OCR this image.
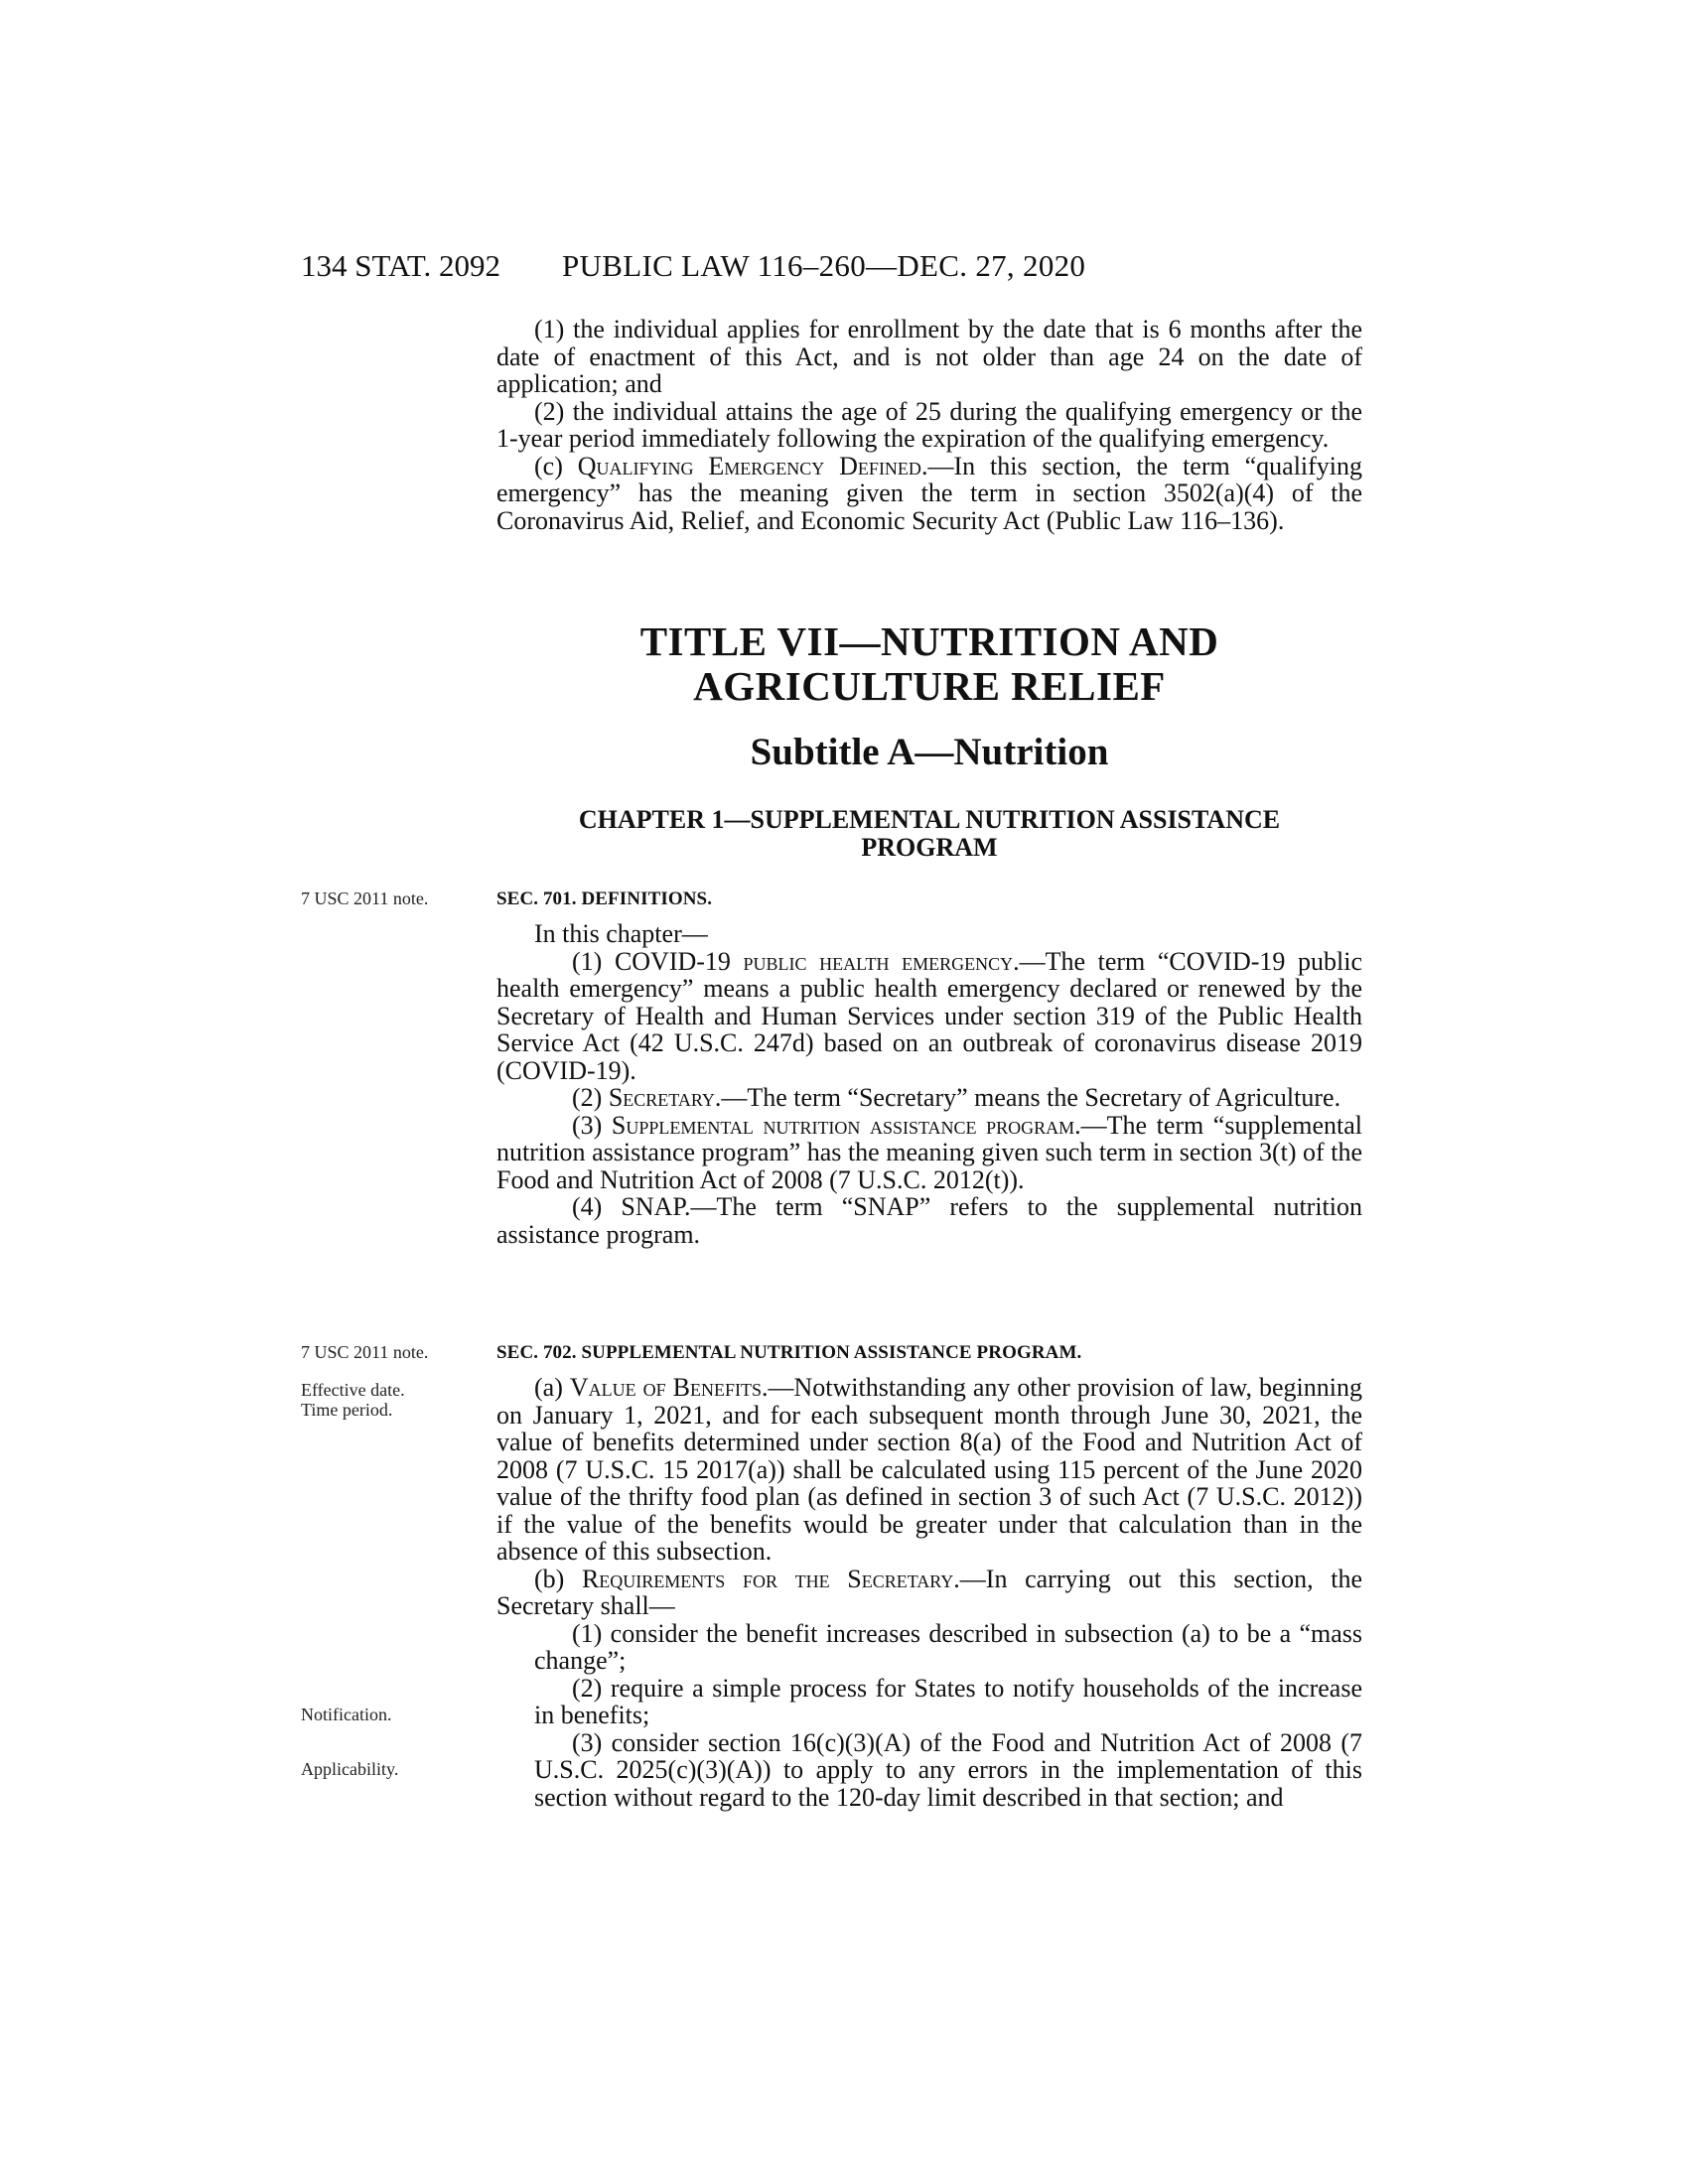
134 STAT. 2092 PUBLIC LAW 116–260—DEC. 27, 2020

(1) the individual applies for enrollment by the date that is 6 months after the date of enactment of this Act, and is not older than age 24 on the date of application; and

(2) the individual attains the age of 25 during the qualifying emergency or the 1-year period immediately following the expiration of the qualifying emergency.

(c) Qualifying Emergency Defined.—In this section, the term “qualifying emergency” has the meaning given the term in section 3502(a)(4) of the Coronavirus Aid, Relief, and Economic Security Act (Public Law 116–136).

TITLE VII—NUTRITION AND
AGRICULTURE RELIEF
Subtitle A—Nutrition
CHAPTER 1—SUPPLEMENTAL NUTRITION ASSISTANCE
PROGRAM
7 USC 2011 note.	SEC. 701. DEFINITIONS.

In this chapter—

(1) COVID-19 public health emergency.—The term “COVID-19 public health emergency” means a public health emergency declared or renewed by the Secretary of Health and Human Services under section 319 of the Public Health Service Act (42 U.S.C. 247d) based on an outbreak of coronavirus disease 2019 (COVID-19).

(2) Secretary.—The term “Secretary” means the Secretary of Agriculture.

(3) Supplemental nutrition assistance program.—The term “supplemental nutrition assistance program” has the meaning given such term in section 3(t) of the Food and Nutrition Act of 2008 (7 U.S.C. 2012(t)).

(4) SNAP.—The term “SNAP” refers to the supplemental nutrition assistance program.

7 USC 2011 note.	SEC. 702. SUPPLEMENTAL NUTRITION ASSISTANCE PROGRAM.
Effective date.
Time period.
Notification.
Applicability.

(a) Value of Benefits.—Notwithstanding any other provision of law, beginning on January 1, 2021, and for each subsequent month through June 30, 2021, the value of benefits determined under section 8(a) of the Food and Nutrition Act of 2008 (7 U.S.C. 15 2017(a)) shall be calculated using 115 percent of the June 2020 value of the thrifty food plan (as defined in section 3 of such Act (7 U.S.C. 2012)) if the value of the benefits would be greater under that calculation than in the absence of this subsection.

(b) Requirements for the Secretary.—In carrying out this section, the Secretary shall—

(1) consider the benefit increases described in subsection (a) to be a “mass change”;

(2) require a simple process for States to notify households of the increase in benefits;

(3) consider section 16(c)(3)(A) of the Food and Nutrition Act of 2008 (7 U.S.C. 2025(c)(3)(A)) to apply to any errors in the implementation of this section without regard to the 120-day limit described in that section; and
